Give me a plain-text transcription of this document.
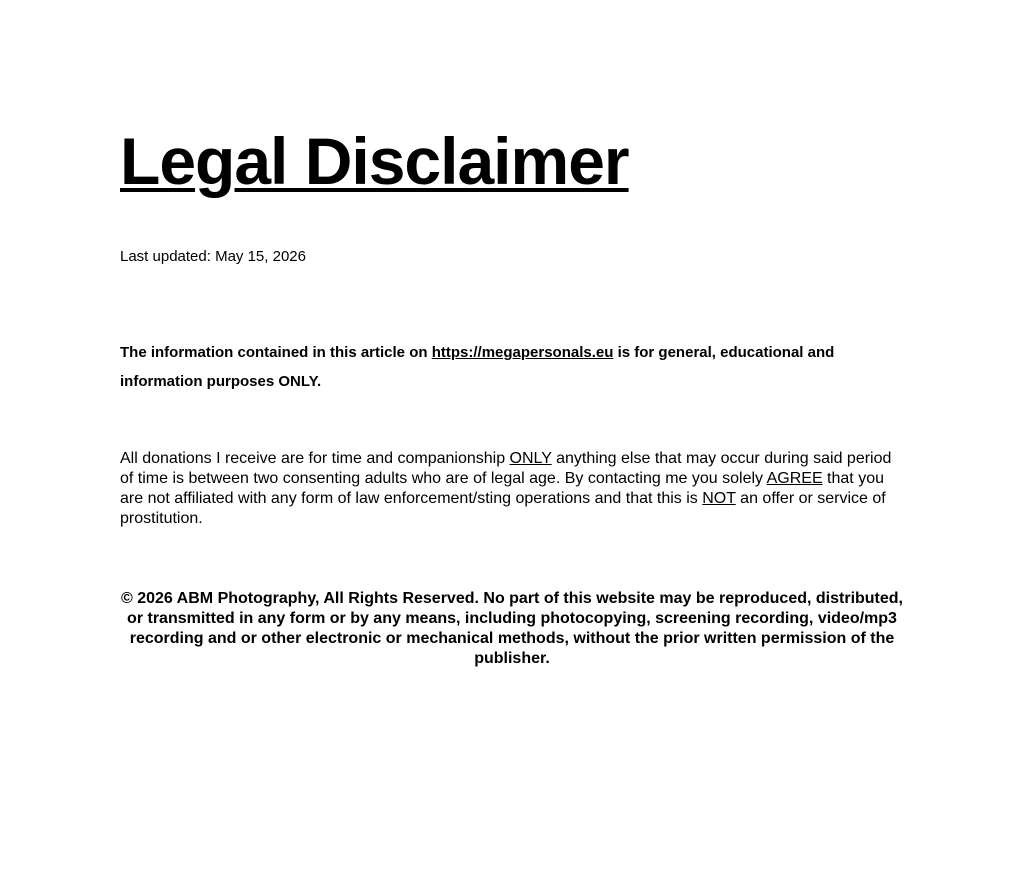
Legal Disclaimer

Last updated: May 15, 2026

The information contained in this article on https://megapersonals.eu is for general, educational and information purposes ONLY.

All donations I receive are for time and companionship ONLY anything else that may occur during said period of time is between two consenting adults who are of legal age. By contacting me you solely AGREE that you are not affiliated with any form of law enforcement/sting operations and that this is NOT an offer or service of prostitution.

© 2026 ABM Photography, All Rights Reserved. No part of this website may be reproduced, distributed, or transmitted in any form or by any means, including photocopying, screening recording, video/mp3 recording and or other electronic or mechanical methods, without the prior written permission of the publisher.
